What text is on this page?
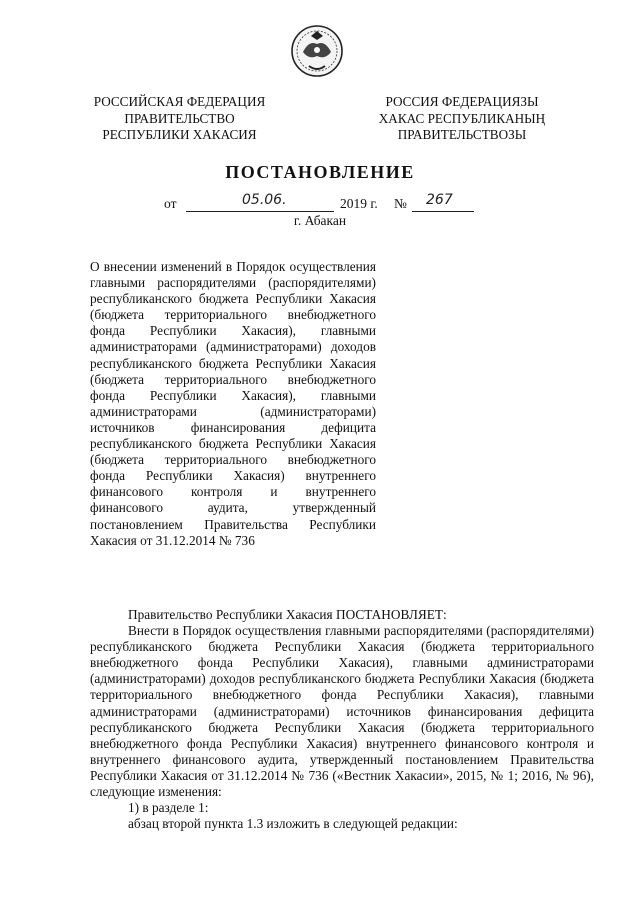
РОССИЙСКАЯ ФЕДЕРАЦИЯ
ПРАВИТЕЛЬСТВО
РЕСПУБЛИКИ ХАКАСИЯ
РОССИЯ ФЕДЕРАЦИЯЗЫ
ХАКАС РЕСПУБЛИКАНЫҢ
ПРАВИТЕЛЬСТВОЗЫ
ПОСТАНОВЛЕНИЕ
от	05.06.	2019 г. № 267
г. Абакан
О внесении изменений в Порядок осуществления главными распорядителями (распорядителями) республиканского бюджета Республики Хакасия (бюджета территориального внебюджетного фонда Республики Хакасия), главными администраторами (администраторами) доходов республиканского бюджета Республики Хакасия (бюджета территориального внебюджетного фонда Республики Хакасия), главными администраторами (администраторами) источников финансирования дефицита республиканского бюджета Республики Хакасия (бюджета территориального внебюджетного фонда Республики Хакасия) внутреннего финансового контроля и внутреннего финансового аудита, утвержденный постановлением Правительства Республики Хакасия от 31.12.2014 № 736

Правительство Республики Хакасия ПОСТАНОВЛЯЕТ:

Внести в Порядок осуществления главными распорядителями (распорядителями) республиканского бюджета Республики Хакасия (бюджета территориального внебюджетного фонда Республики Хакасия), главными администраторами (администраторами) доходов республиканского бюджета Республики Хакасия (бюджета территориального внебюджетного фонда Республики Хакасия), главными администраторами (администраторами) источников финансирования дефицита республиканского бюджета Республики Хакасия (бюджета территориального внебюджетного фонда Республики Хакасия) внутреннего финансового контроля и внутреннего финансового аудита, утвержденный постановлением Правительства Республики Хакасия от 31.12.2014 № 736 («Вестник Хакасии», 2015, № 1; 2016, № 96), следующие изменения:

1) в разделе 1:

абзац второй пункта 1.3 изложить в следующей редакции:
